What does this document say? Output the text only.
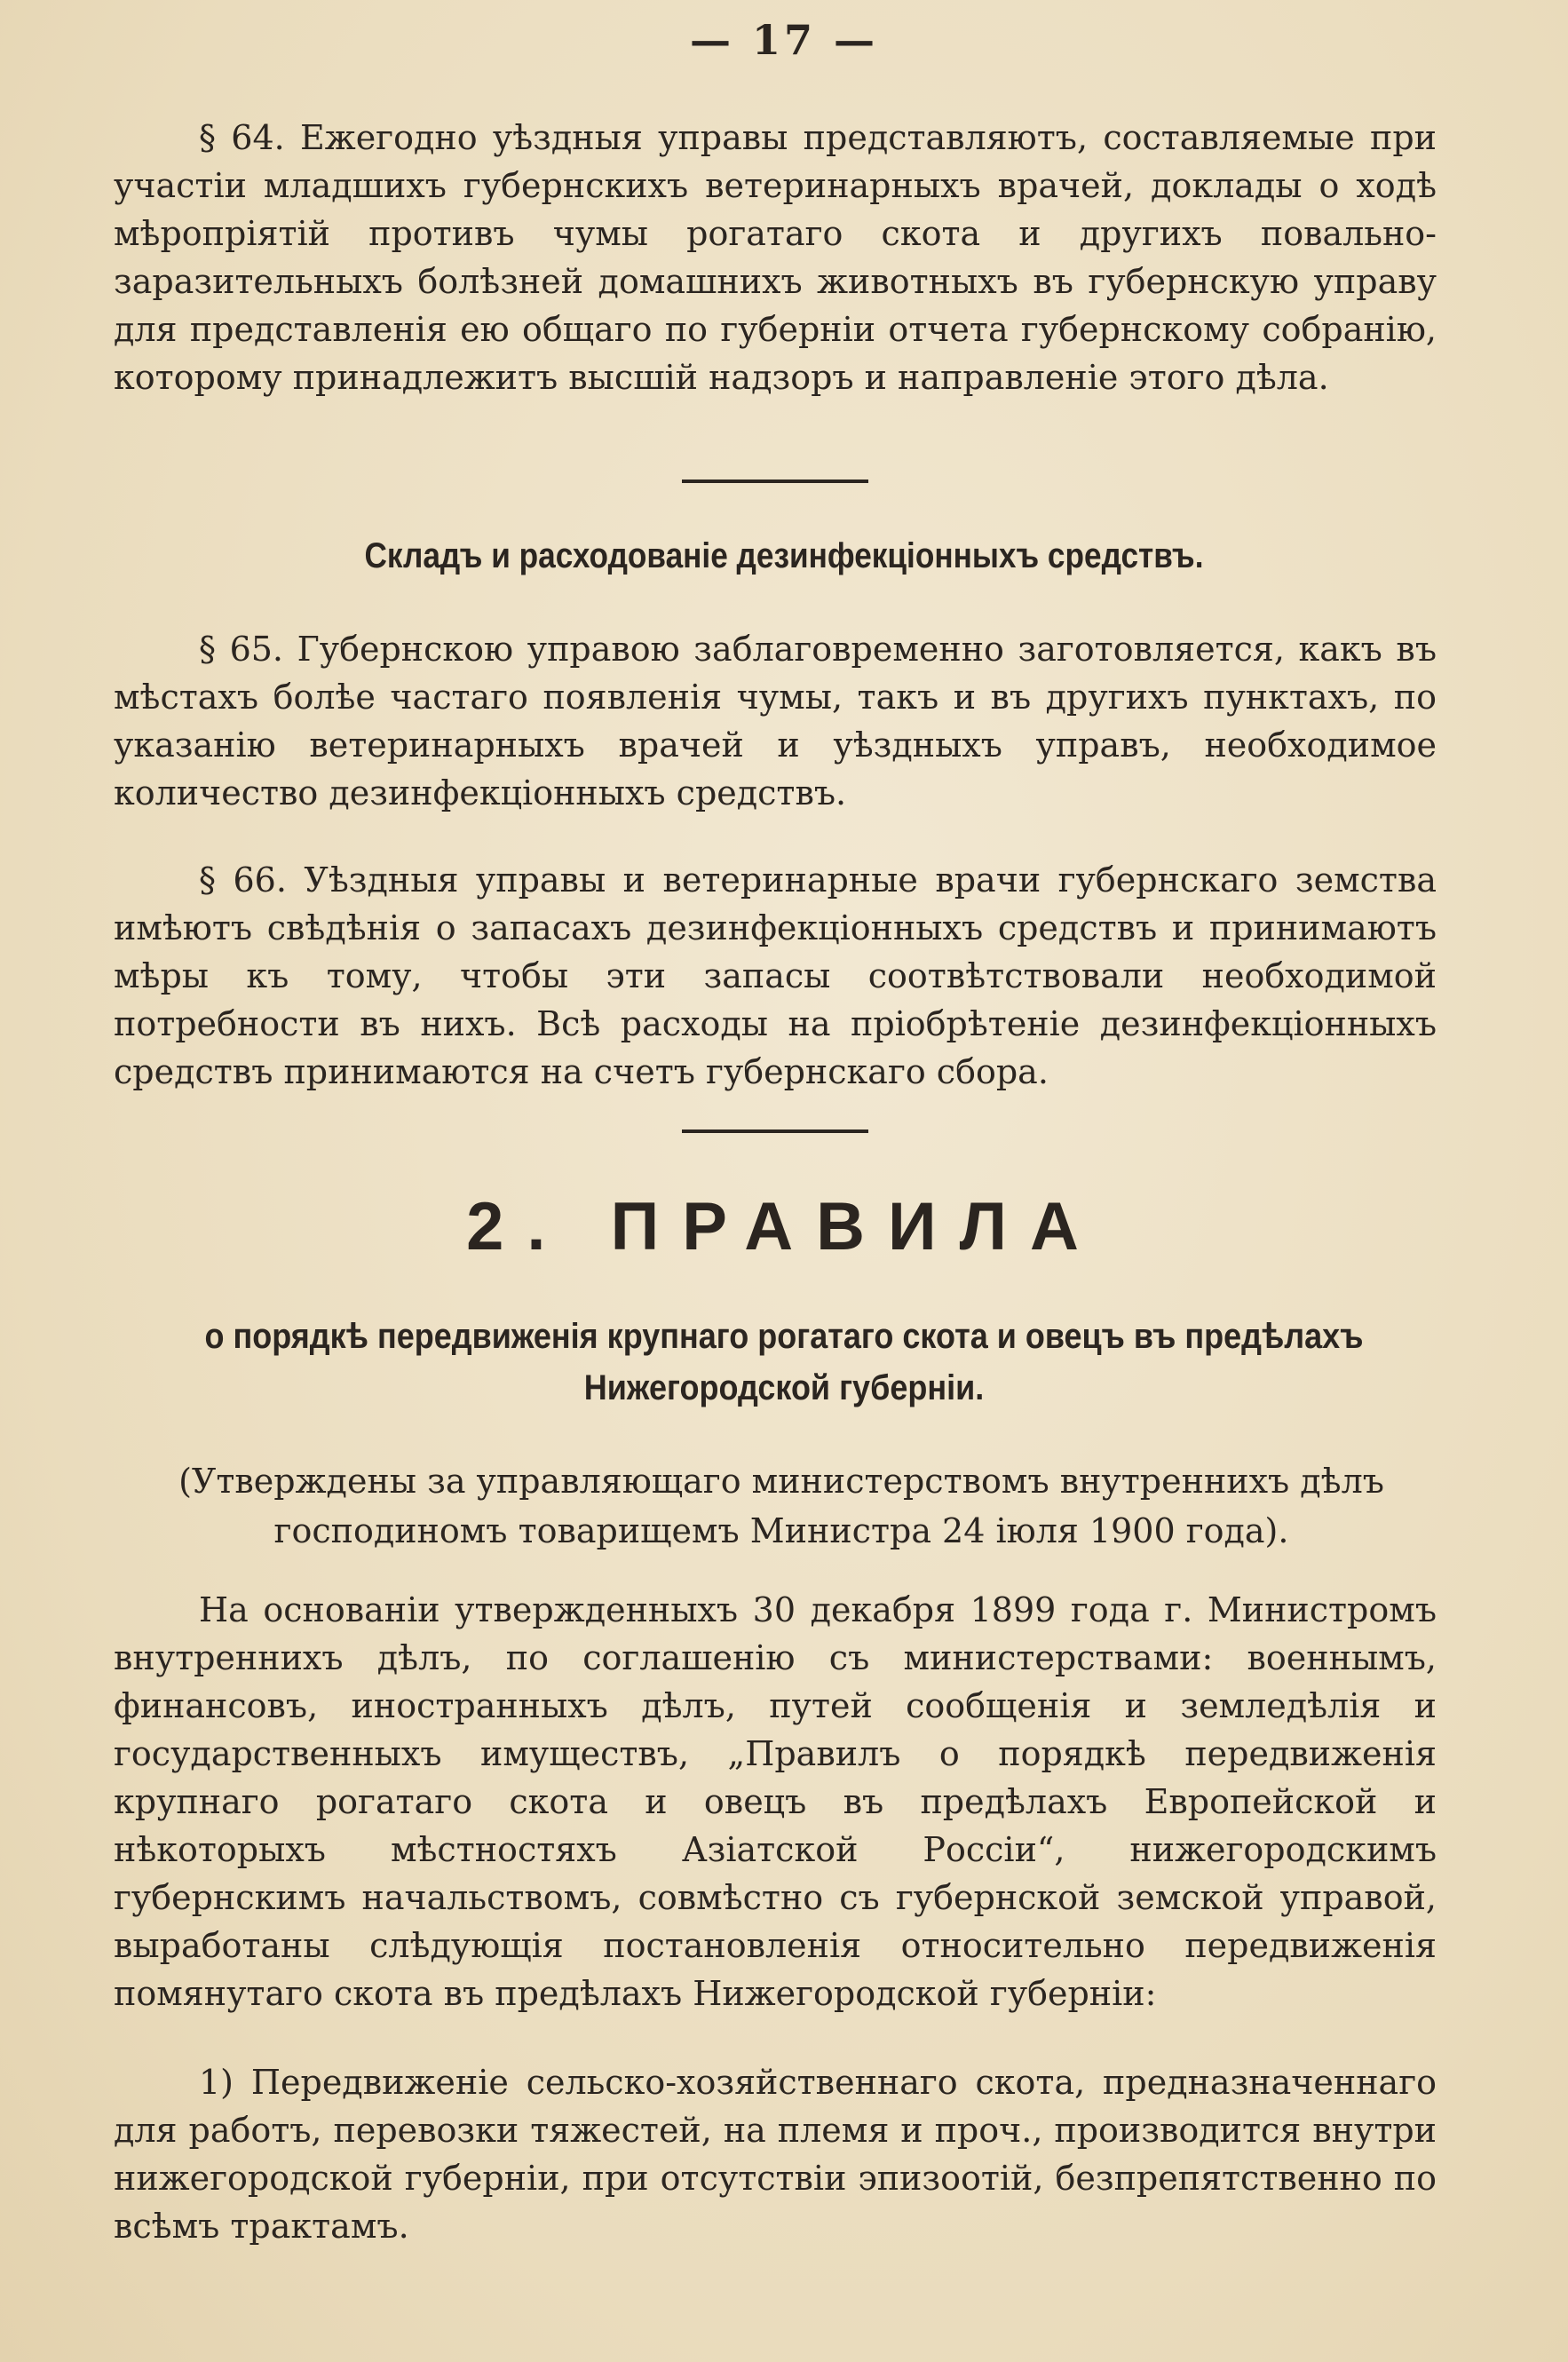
— 17 —

§ 64. Ежегодно уѣздныя управы представляютъ, составляемые при участіи младшихъ губернскихъ ветеринарныхъ врачей, доклады о ходѣ мѣропріятій противъ чумы рогатаго скота и другихъ повально-заразительныхъ болѣзней домашнихъ животныхъ въ губернскую управу для представленія ею общаго по губерніи отчета губернскому собранію, которому принадлежитъ высшій надзоръ и направленіе этого дѣла.

Складъ и расходованіе дезинфекціонныхъ средствъ.

§ 65. Губернскою управою заблаговременно заготовляется, какъ въ мѣстахъ болѣе частаго появленія чумы, такъ и въ другихъ пунктахъ, по указанію ветеринарныхъ врачей и уѣздныхъ управъ, необходимое количество дезинфекціонныхъ средствъ.

§ 66. Уѣздныя управы и ветеринарные врачи губернскаго земства имѣютъ свѣдѣнія о запасахъ дезинфекціонныхъ средствъ и принимаютъ мѣры къ тому, чтобы эти запасы соотвѣтствовали необходимой потребности въ нихъ. Всѣ расходы на пріобрѣтеніе дезинфекціонныхъ средствъ принимаются на счетъ губернскаго сбора.

2. ПРАВИЛА

о порядкѣ передвиженія крупнаго рогатаго скота и овецъ въ предѣлахъ Нижегородской губерніи.

(Утверждены за управляющаго министерствомъ внутреннихъ дѣлъ господиномъ товарищемъ Министра 24 іюля 1900 года).

На основаніи утвержденныхъ 30 декабря 1899 года г. Министромъ внутреннихъ дѣлъ, по соглашенію съ министерствами: военнымъ, финансовъ, иностранныхъ дѣлъ, путей сообщенія и земледѣлія и государственныхъ имуществъ, „Правилъ о порядкѣ передвиженія крупнаго рогатаго скота и овецъ въ предѣлахъ Европейской и нѣкоторыхъ мѣстностяхъ Азіатской Россіи“, нижегородскимъ губернскимъ начальствомъ, совмѣстно съ губернской земской управой, выработаны слѣдующія постановленія относительно передвиженія помянутаго скота въ предѣлахъ Нижегородской губерніи:

1) Передвиженіе сельско-хозяйственнаго скота, предназначеннаго для работъ, перевозки тяжестей, на племя и проч., производится внутри нижегородской губерніи, при отсутствіи эпизоотій, безпрепятственно по всѣмъ трактамъ.
